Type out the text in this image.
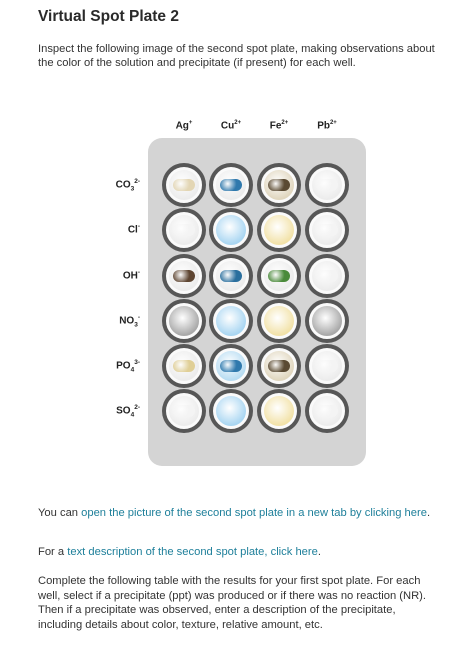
Virtual Spot Plate 2
Inspect the following image of the second spot plate, making observations about the color of the solution and precipitate (if present) for each well.
Ag+	$Cu^{2+}$	$Fe^{2+}$	$Pb^{2+}$
$CO_3^{2-}$
Cl-
OH-
$NO_3^-$
$PO_4^{3-}$
$SO_4^{2-}$
You can open the picture of the second spot plate in a new tab by clicking here.
For a text description of the second spot plate, click here.
Complete the following table with the results for your first spot plate. For each well, select if a precipitate (ppt) was produced or if there was no reaction (NR). Then if a precipitate was observed, enter a description of the precipitate, including details about color, texture, relative amount, etc.
